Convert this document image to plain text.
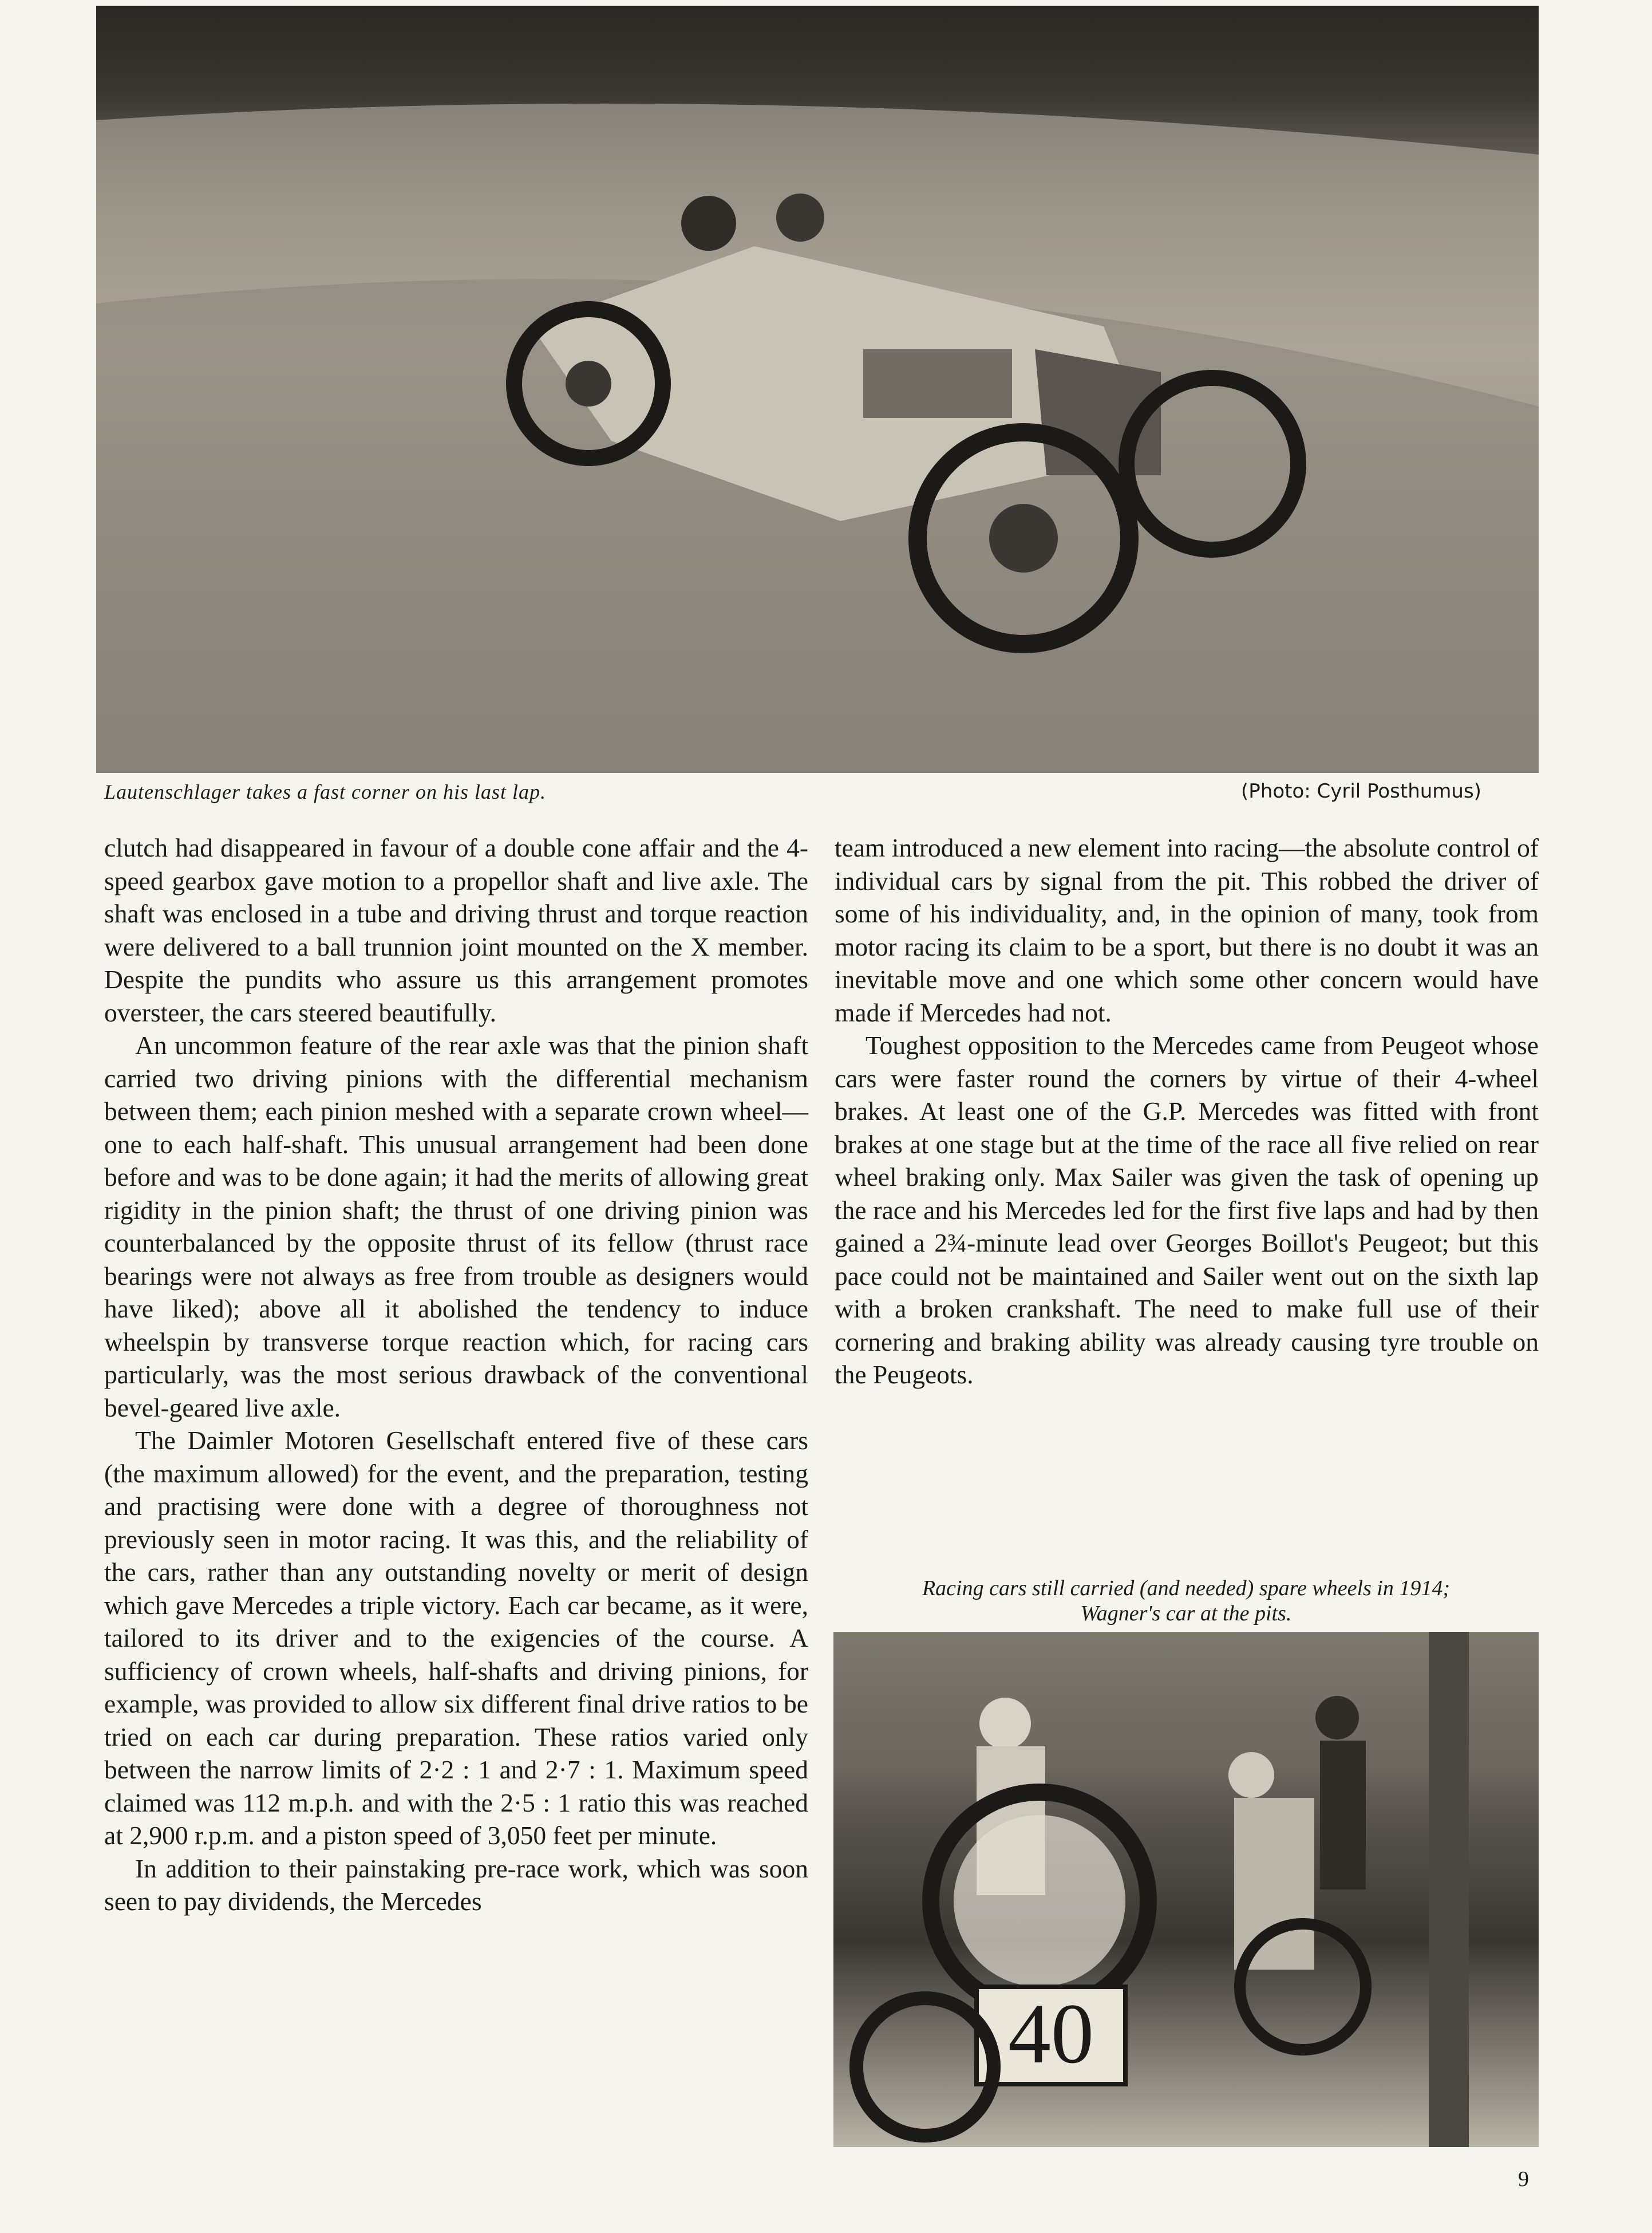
Lautenschlager takes a fast corner on his last lap.	(Photo: Cyril Posthumus)

clutch had disappeared in favour of a double cone affair and the 4-speed gearbox gave motion to a propellor shaft and live axle. The shaft was enclosed in a tube and driving thrust and torque reaction were delivered to a ball trunnion joint mounted on the X member. Despite the pundits who assure us this arrangement promotes oversteer, the cars steered beautifully.

An uncommon feature of the rear axle was that the pinion shaft carried two driving pinions with the differential mechanism between them; each pinion meshed with a separate crown wheel—one to each half-shaft. This unusual arrangement had been done before and was to be done again; it had the merits of allowing great rigidity in the pinion shaft; the thrust of one driving pinion was counterbalanced by the opposite thrust of its fellow (thrust race bearings were not always as free from trouble as designers would have liked); above all it abolished the tendency to induce wheelspin by transverse torque reaction which, for racing cars particularly, was the most serious drawback of the conventional bevel-geared live axle.

The Daimler Motoren Gesellschaft entered five of these cars (the maximum allowed) for the event, and the preparation, testing and practising were done with a degree of thoroughness not previously seen in motor racing. It was this, and the reliability of the cars, rather than any outstanding novelty or merit of design which gave Mercedes a triple victory. Each car became, as it were, tailored to its driver and to the exigencies of the course. A sufficiency of crown wheels, half-shafts and driving pinions, for example, was provided to allow six different final drive ratios to be tried on each car during preparation. These ratios varied only between the narrow limits of 2·2 : 1 and 2·7 : 1. Maximum speed claimed was 112 m.p.h. and with the 2·5 : 1 ratio this was reached at 2,900 r.p.m. and a piston speed of 3,050 feet per minute.

In addition to their painstaking pre-race work, which was soon seen to pay dividends, the Mercedes

team introduced a new element into racing—the absolute control of individual cars by signal from the pit. This robbed the driver of some of his individuality, and, in the opinion of many, took from motor racing its claim to be a sport, but there is no doubt it was an inevitable move and one which some other concern would have made if Mercedes had not.

Toughest opposition to the Mercedes came from Peugeot whose cars were faster round the corners by virtue of their 4-wheel brakes. At least one of the G.P. Mercedes was fitted with front brakes at one stage but at the time of the race all five relied on rear wheel braking only. Max Sailer was given the task of opening up the race and his Mercedes led for the first five laps and had by then gained a 2¾-minute lead over Georges Boillot's Peugeot; but this pace could not be maintained and Sailer went out on the sixth lap with a broken crankshaft. The need to make full use of their cornering and braking ability was already causing tyre trouble on the Peugeots.

Racing cars still carried (and needed) spare wheels in 1914;
Wagner's car at the pits.
40
9
